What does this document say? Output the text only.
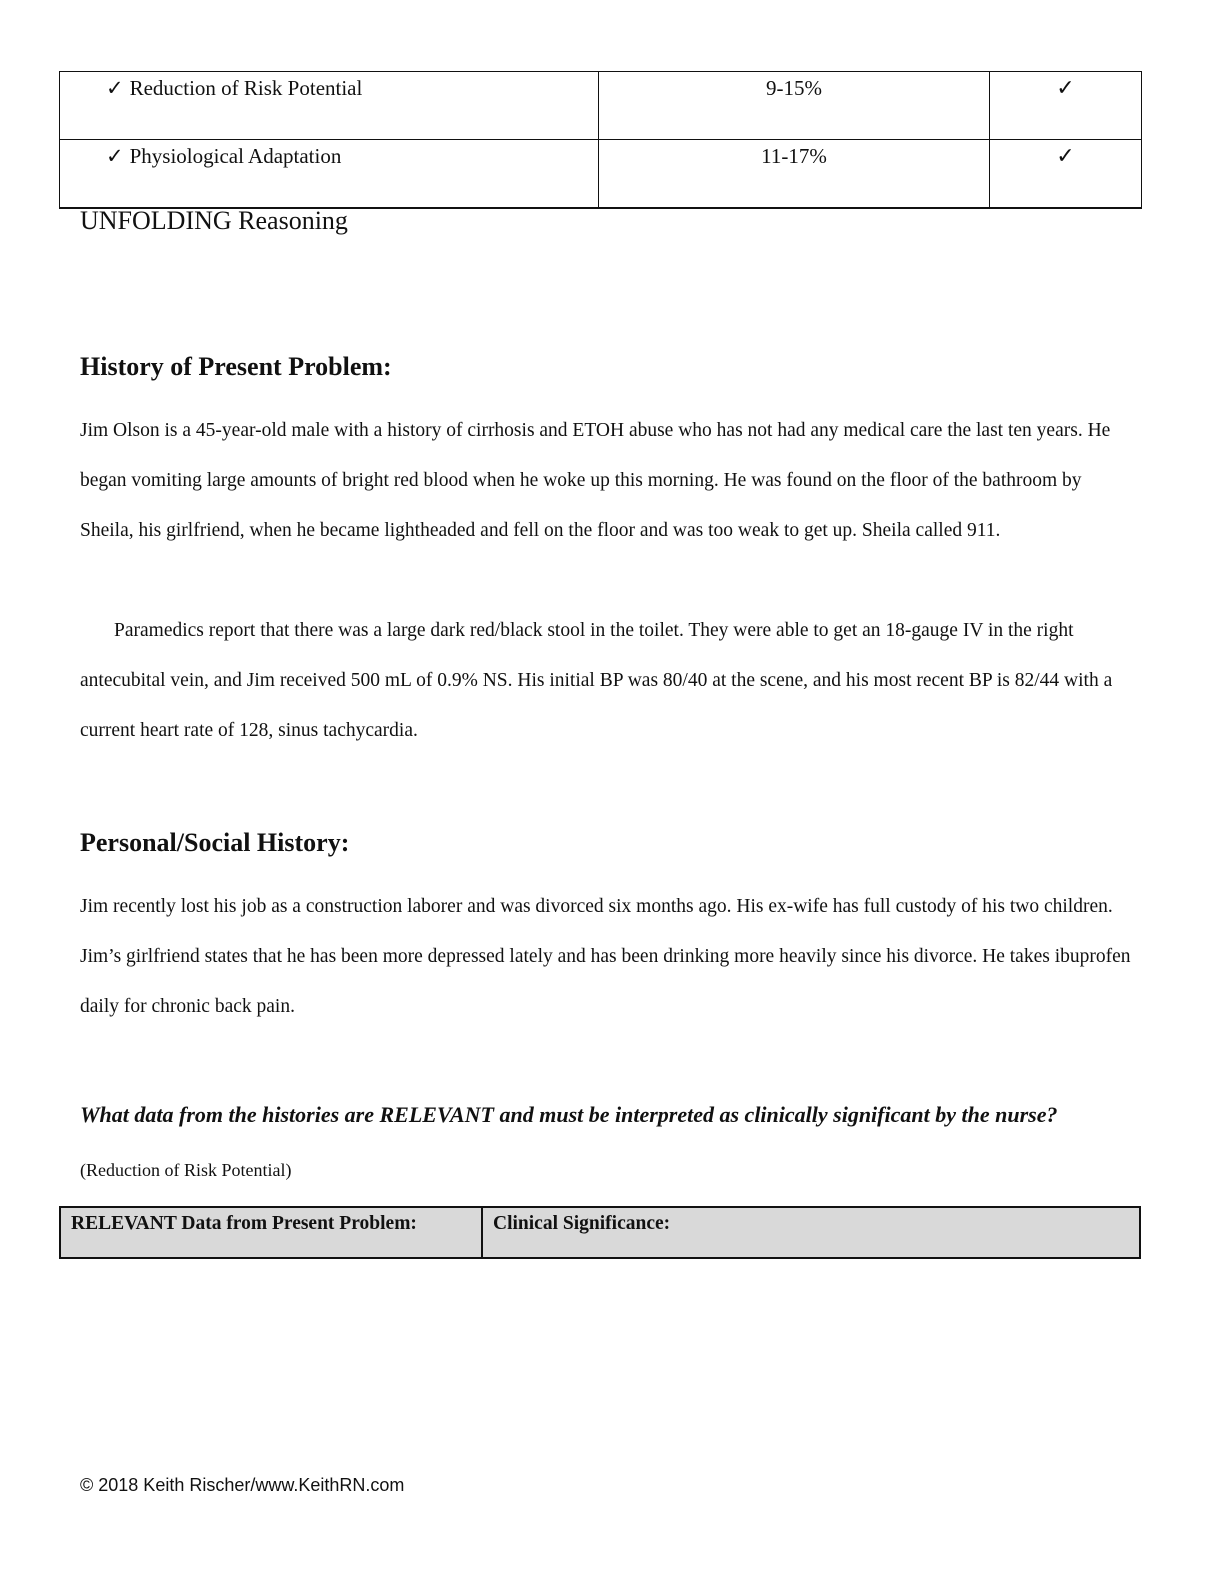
✓ Reduction of Risk Potential	9-15%	✓
✓ Physiological Adaptation	11-17%	✓
UNFOLDING Reasoning
History of Present Problem:

Jim Olson is a 45-year-old male with a history of cirrhosis and ETOH abuse who has not had any medical care the last ten years. He began vomiting large amounts of bright red blood when he woke up this morning. He was found on the floor of the bathroom by Sheila, his girlfriend, when he became lightheaded and fell on the floor and was too weak to get up. Sheila called 911.

Paramedics report that there was a large dark red/black stool in the toilet. They were able to get an 18-gauge IV in the right antecubital vein, and Jim received 500 mL of 0.9% NS. His initial BP was 80/40 at the scene, and his most recent BP is 82/44 with a current heart rate of 128, sinus tachycardia.

Personal/Social History:

Jim recently lost his job as a construction laborer and was divorced six months ago. His ex-wife has full custody of his two children. Jim’s girlfriend states that he has been more depressed lately and has been drinking more heavily since his divorce. He takes ibuprofen daily for chronic back pain.

What data from the histories are RELEVANT and must be interpreted as clinically significant by the nurse?

(Reduction of Risk Potential)

RELEVANT Data from Present Problem:	Clinical Significance:

© 2018 Keith Rischer/www.KeithRN.com
